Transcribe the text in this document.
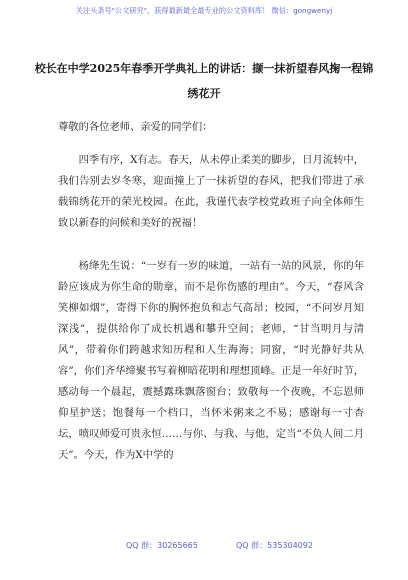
关注头条号"公文研究"，获得最新最全最专业的公文资料库！ 微信：gongwenyj
校长在中学2025年春季开学典礼上的讲话：撷一抹祈望春风掬一程锦绣花开
尊敬的各位老师、亲爱的同学们：
四季有序，X有志。春天，从未停止柔美的脚步，日月流转中，我们告别去岁冬寒，迎面撞上了一抹祈望的春风，把我们带进了承载锦绣花开的荣光校园。在此，我谨代表学校党政班子向全体师生致以新春的问候和美好的祝福！
杨绛先生说：“一岁有一岁的味道，一站有一站的风景，你的年龄应该成为你生命的勋章，而不是你伤感的理由”。今天，“春风含笑柳如烟”，寄得下你的胸怀抱负和志气高昂；校园，“不问岁月知深浅”，提供给你了成长机遇和攀升空间；老师，“甘当明月与清风”，带着你们跨越求知历程和人生海海；同窗，“时光静好共从容”，你们齐华缔聚书写着柳暗花明和理想顶峰。正是一年好时节，感动每一个晨起，震撼露珠飘落窗台；致敬每一个夜晚，不忘恩师仰星护送；饱餐每一个档口，当怀米粥来之不易；感谢每一寸杏坛，喷叹师爱可贵永恒……与你、与我、与他，定当“不负人间二月天”。今天，作为X中学的
QQ 群：30265665	QQ 群：535304092
